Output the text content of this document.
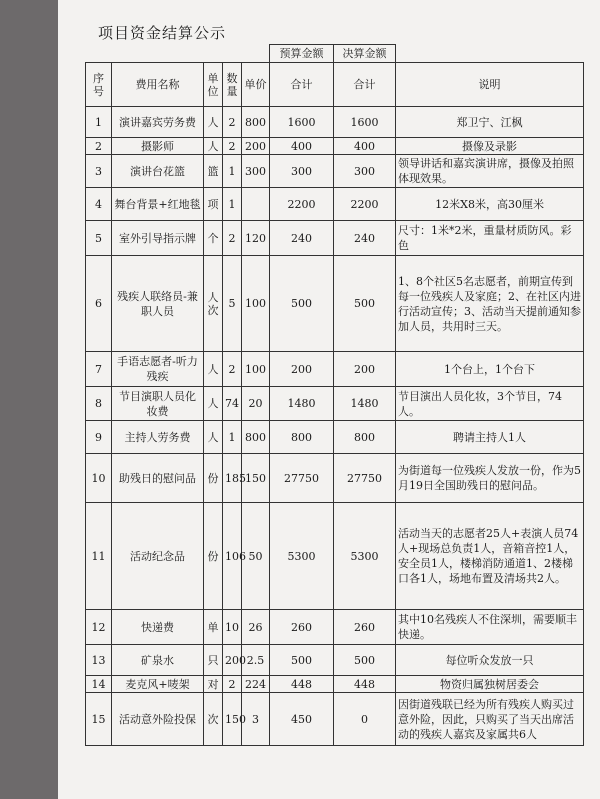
项目资金结算公示
					预算金额	决算金额	
序号	费用名称	单位	数量	单价	合计	合计	说明
1	演讲嘉宾劳务费	人	2	800	1600	1600	郑卫宁、江枫
2	摄影师	人	2	200	400	400	摄像及录影
3	演讲台花篮	篮	1	300	300	300	领导讲话和嘉宾演讲席，摄像及拍照体现效果。
4	舞台背景+红地毯	项	1		2200	2200	12米X8米，高30厘米
5	室外引导指示牌	个	2	120	240	240	尺寸：1米*2米，重量材质防风。彩色
6	残疾人联络员-兼职人员	人次	5	100	500	500	1、8个社区5名志愿者，前期宣传到每一位残疾人及家庭；2、在社区内进行活动宣传；3、活动当天提前通知参加人员，共用时三天。
7	手语志愿者-听力残疾	人	2	100	200	200	1个台上，1个台下
8	节目演职人员化妆费	人	74	20	1480	1480	节目演出人员化妆，3个节目，74人。
9	主持人劳务费	人	1	800	800	800	聘请主持人1人
10	助残日的慰问品	份	185	150	27750	27750	为街道每一位残疾人发放一份，作为5月19日全国助残日的慰问品。
11	活动纪念品	份	106	50	5300	5300	活动当天的志愿者25人+表演人员74人+现场总负责1人，音箱音控1人，安全员1人，楼梯消防通道1、2楼梯口各1人，场地布置及清场共2人。
12	快递费	单	10	26	260	260	其中10名残疾人不住深圳，需要顺丰快递。
13	矿泉水	只	200	2.5	500	500	每位听众发放一只
14	麦克风+唛架	对	2	224	448	448	物资归属独树居委会
15	活动意外险投保	次	150	3	450	0	因街道残联已经为所有残疾人购买过意外险，因此，只购买了当天出席活动的残疾人嘉宾及家属共6人
